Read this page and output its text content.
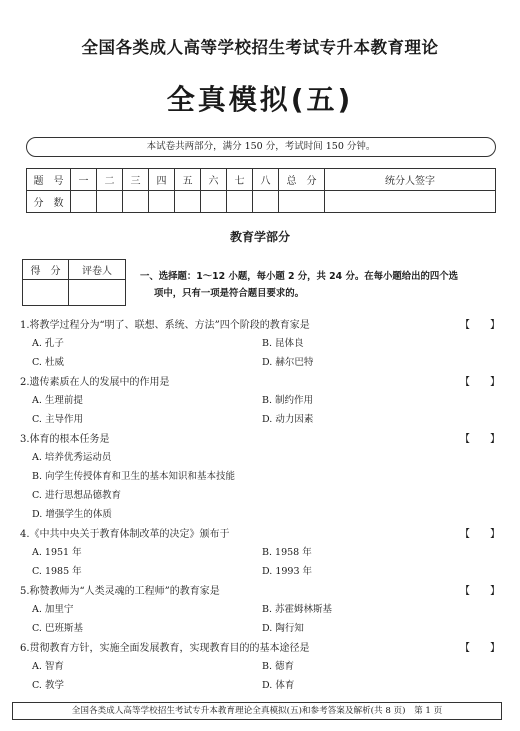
全国各类成人高等学校招生考试专升本教育理论
全真模拟(五)
本试卷共两部分，满分 150 分，考试时间 150 分钟。
题　号	一	二	三	四	五	六	七	八	总　分	统分人签字
分　数										
教育学部分
得　分	评卷人
		一、选择题：1～12 小题，每小题 2 分，共 24 分。在每小题给出的四个选
项中，只有一项是符合题目要求的。
1.将教学过程分为“明了、联想、系统、方法”四个阶段的教育家是	【　　】
A. 孔子	B. 昆体良
C. 杜威	D. 赫尔巴特
2.遗传素质在人的发展中的作用是	【　　】
A. 生理前提	B. 制约作用
C. 主导作用	D. 动力因素
3.体育的根本任务是	【　　】
A. 培养优秀运动员
B. 向学生传授体育和卫生的基本知识和基本技能
C. 进行思想品德教育
D. 增强学生的体质
4.《中共中央关于教育体制改革的决定》颁布于	【　　】
A. 1951 年	B. 1958 年
C. 1985 年	D. 1993 年
5.称赞教师为“人类灵魂的工程师”的教育家是	【　　】
A. 加里宁	B. 苏霍姆林斯基
C. 巴班斯基	D. 陶行知
6.贯彻教育方针，实施全面发展教育，实现教育目的的基本途径是	【　　】
A. 智育	B. 德育
C. 教学	D. 体育
全国各类成人高等学校招生考试专升本教育理论全真模拟(五)和参考答案及解析(共 8 页)　第 1 页
